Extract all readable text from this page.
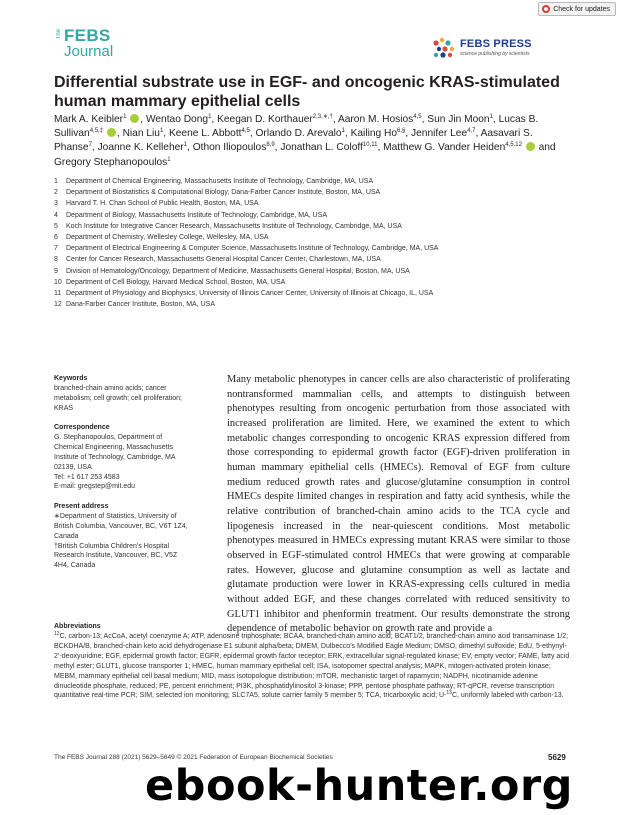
Check for updates
The FEBS
Journal	FEBS PRESS
science publishing by scientists
Differential substrate use in EGF- and oncogenic KRAS-stimulated human mammary epithelial cells
Mark A. Keibler$^1$ , Wentao Dong$^1$, Keegan D. Korthauer$^{2,3,∗,\dagger}$, Aaron M. Hosios$^{4,5}$, Sun Jin Moon$^1$, Lucas B. Sullivan$^{4,5,\ddagger}$ , Nian Liu$^1$, Keene L. Abbott$^{4,5}$, Orlando D. Arevalo$^1$, Kailing $Ho^{6,\S}$, Jennifer Lee$^{4,7}$, Aasavari S. Phanse$^7$, Joanne K. Kelleher$^1$, Othon Iliopoulos$^{8,9}$, Jonathan L. Coloff$^{10,11}$, Matthew G. Vander Heiden$^{4,5,12}$  and Gregory Stephanopoulos$^1$
1 Department of Chemical Engineering, Massachusetts Institute of Technology, Cambridge, MA, USA
2 Department of Biostatistics & Computational Biology, Dana-Farber Cancer Institute, Boston, MA, USA
3 Harvard T. H. Chan School of Public Health, Boston, MA, USA
4 Department of Biology, Massachusetts Institute of Technology, Cambridge, MA, USA
5 Koch Institute for Integrative Cancer Research, Massachusetts Institute of Technology, Cambridge, MA, USA
6 Department of Chemistry, Wellesley College, Wellesley, MA, USA
7 Department of Electrical Engineering & Computer Science, Massachusetts Institute of Technology, Cambridge, MA, USA
8 Center for Cancer Research, Massachusetts General Hospital Cancer Center, Charlestown, MA, USA
9 Division of Hematology/Oncology, Department of Medicine, Massachusetts General Hospital, Boston, MA, USA
10 Department of Cell Biology, Harvard Medical School, Boston, MA, USA
11 Department of Physiology and Biophysics, University of Illinois Cancer Center, University of Illinois at Chicago, IL, USA
12 Dana-Farber Cancer Institute, Boston, MA, USA
Keywords
branched-chain amino acids; cancer metabolism; cell growth; cell proliferation; KRAS
Correspondence
G. Stephanopoulos, Department of
Chemical Engineering, Massachusetts
Institute of Technology, Cambridge, MA
02139, USA
Tel: +1 617 253 4583
E-mail: gregstep@mit.edu
Present address
∗Department of Statistics, University of
British Columbia, Vancouver, BC, V6T 1Z4,
Canada
†British Columbia Children’s Hospital
Research Institute, Vancouver, BC, V5Z
4H4, Canada

Many metabolic phenotypes in cancer cells are also characteristic of proliferating nontransformed mammalian cells, and attempts to distinguish between phenotypes resulting from oncogenic perturbation from those associated with increased proliferation are limited. Here, we examined the extent to which metabolic changes corresponding to oncogenic KRAS expression differed from those corresponding to epidermal growth factor (EGF)-driven proliferation in human mammary epithelial cells (HMECs). Removal of EGF from culture medium reduced growth rates and glucose/glutamine consumption in control HMECs despite limited changes in respiration and fatty acid synthesis, while the relative contribution of branched-chain amino acids to the TCA cycle and lipogenesis increased in the near-quiescent conditions. Most metabolic phenotypes measured in HMECs expressing mutant KRAS were similar to those observed in EGF-stimulated control HMECs that were growing at comparable rates. However, glucose and glutamine consumption as well as lactate and glutamate production were lower in KRAS-expressing cells cultured in media without added EGF, and these changes correlated with reduced sensitivity to GLUT1 inhibitor and phenformin treatment. Our results demonstrate the strong dependence of metabolic behavior on growth rate and provide a

Abbreviations
$^{13}$C, carbon-13; AcCoA, acetyl coenzyme A; ATP, adenosine triphosphate; BCAA, branched-chain amino acid; BCAT1/2, branched-chain amino acid transaminase 1/2; BCKDHA/B, branched-chain keto acid dehydrogenase E1 subunit alpha/beta; DMEM, Dulbecco’s Modified Eagle Medium; DMSO, dimethyl sulfoxide; EdU, 5-ethynyl-2’-deoxyuridine; EGF, epidermal growth factor; EGFR, epidermal growth factor receptor; ERK, extracellular signal-regulated kinase; EV, empty vector; FAME, fatty acid methyl ester; GLUT1, glucose transporter 1; HMEC, human mammary epithelial cell; ISA, isotopomer spectral analysis; MAPK, mitogen-activated protein kinase; MEBM, mammary epithelial cell basal medium; MID, mass isotopologue distribution; mTOR, mechanistic target of rapamycin; NADPH, nicotinamide adenine dinucleotide phosphate, reduced; PE, percent enrichment; PI3K, phosphatidylinositol 3-kinase; PPP, pentose phosphate pathway; RT-qPCR, reverse transcription quantitative real-time PCR; SIM, selected ion monitoring; SLC7A5, solute carrier family 5 member 5; TCA, tricarboxylic acid; U-$^{13}$C, uniformly labeled with carbon-13.
The FEBS Journal 288 (2021) 5629–5649 © 2021 Federation of European Biochemical Societies	5629
ebook-hunter.org
